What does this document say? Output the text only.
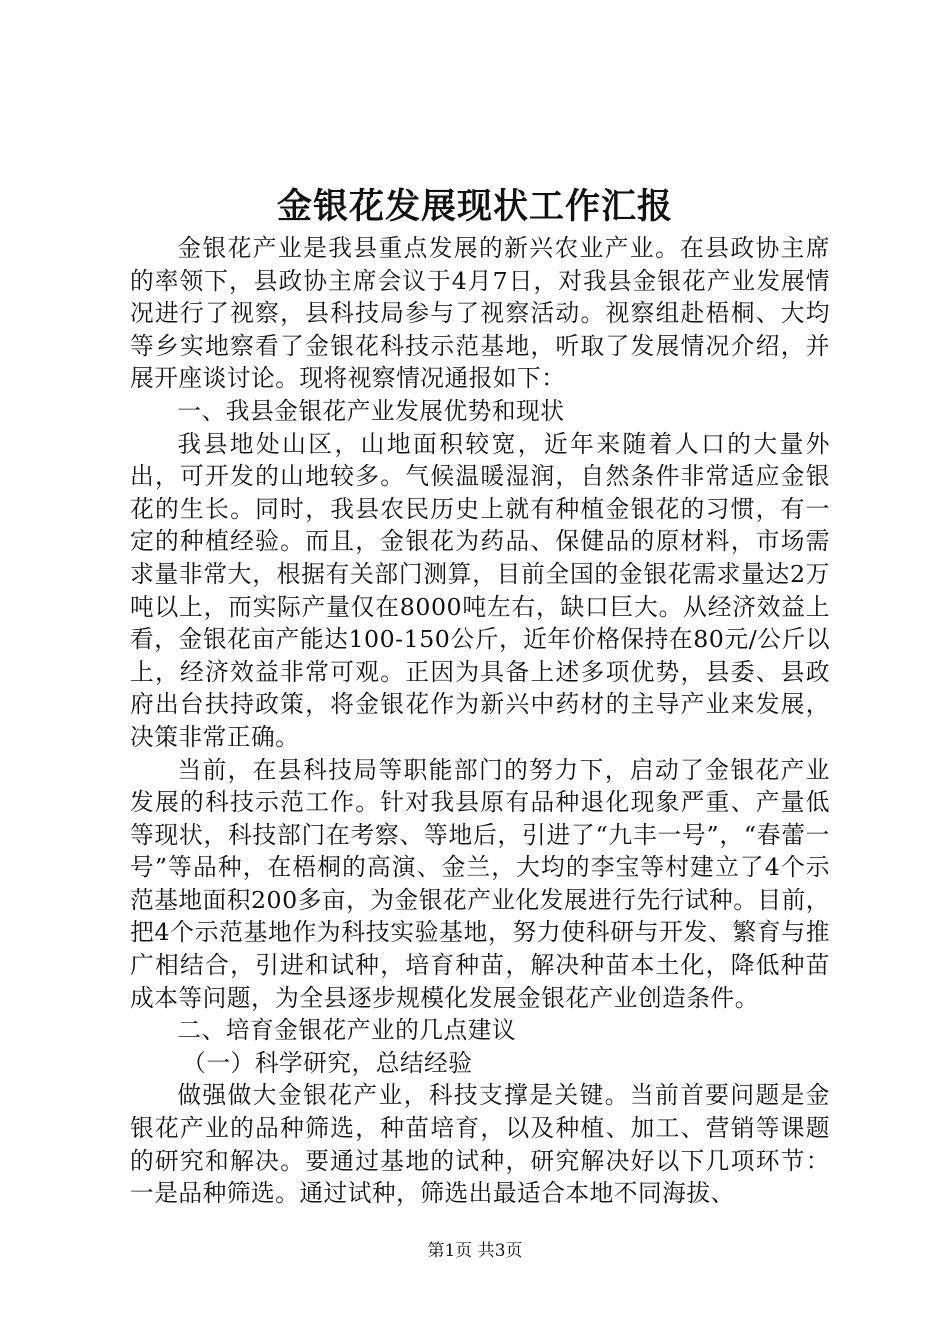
金银花发展现状工作汇报

金银花产业是我县重点发展的新兴农业产业。在县政协主席的率领下，县政协主席会议于4月7日，对我县金银花产业发展情况进行了视察，县科技局参与了视察活动。视察组赴梧桐、大均等乡实地察看了金银花科技示范基地，听取了发展情况介绍，并展开座谈讨论。现将视察情况通报如下：

一、我县金银花产业发展优势和现状

我县地处山区，山地面积较宽，近年来随着人口的大量外出，可开发的山地较多。气候温暖湿润，自然条件非常适应金银花的生长。同时，我县农民历史上就有种植金银花的习惯，有一定的种植经验。而且，金银花为药品、保健品的原材料，市场需求量非常大，根据有关部门测算，目前全国的金银花需求量达2万吨以上，而实际产量仅在8000吨左右，缺口巨大。从经济效益上看，金银花亩产能达100-150公斤，近年价格保持在80元/公斤以上，经济效益非常可观。正因为具备上述多项优势，县委、县政府出台扶持政策，将金银花作为新兴中药材的主导产业来发展，决策非常正确。

当前，在县科技局等职能部门的努力下，启动了金银花产业发展的科技示范工作。针对我县原有品种退化现象严重、产量低等现状，科技部门在考察、等地后，引进了“九丰一号”，“春蕾一号”等品种，在梧桐的高演、金兰，大均的李宝等村建立了4个示范基地面积200多亩，为金银花产业化发展进行先行试种。目前，把4个示范基地作为科技实验基地，努力使科研与开发、繁育与推广相结合，引进和试种，培育种苗，解决种苗本土化，降低种苗成本等问题，为全县逐步规模化发展金银花产业创造条件。

二、培育金银花产业的几点建议

（一）科学研究，总结经验

做强做大金银花产业，科技支撑是关键。当前首要问题是金银花产业的品种筛选，种苗培育，以及种植、加工、营销等课题的研究和解决。要通过基地的试种，研究解决好以下几项环节：一是品种筛选。通过试种，筛选出最适合本地不同海拔、

第1页 共3页
